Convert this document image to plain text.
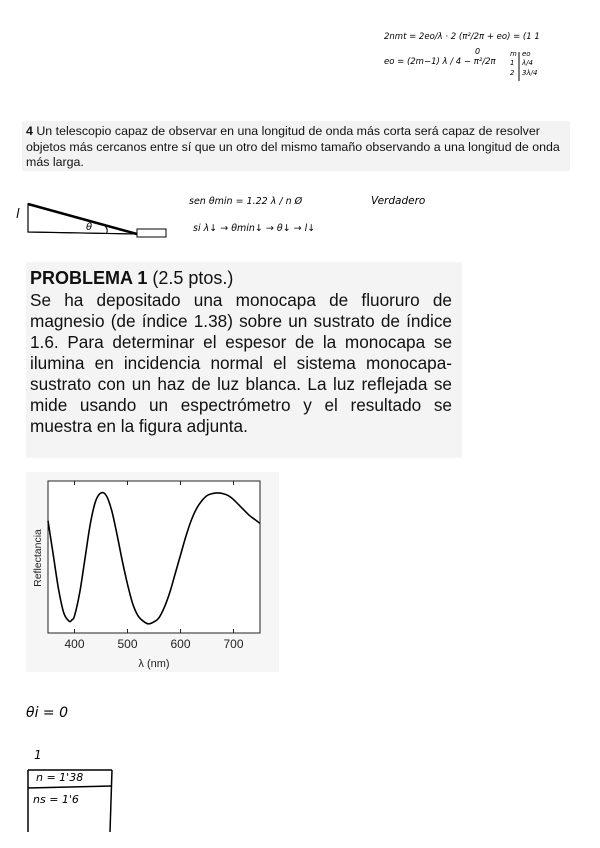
2nmt = 2eo/λ · 2 (π²/2π + eo) = (1 1
eo = (2m−1) λ / 4 − π²/2π
0	m eo
1 λ/4
2 3λ/4
4 Un telescopio capaz de observar en una longitud de onda más corta será capaz de resolver objetos más cercanos entre sí que un otro del mismo tamaño observando a una longitud de onda más larga.
l
θ
sen θmin = 1.22 λ / n Ø
si λ↓ → θmin↓ → θ↓ → l↓
Verdadero
PROBLEMA 1 (2.5 ptos.)
Se ha depositado una monocapa de fluoruro de magnesio (de índice 1.38) sobre un sustrato de índice 1.6. Para determinar el espesor de la monocapa se ilumina en incidencia normal el sistema monocapa-sustrato con un haz de luz blanca. La luz reflejada se mide usando un espectrómetro y el resultado se muestra en la figura adjunta.
400	500	600	700
λ (nm)
Reflectancia
θi = 0
1
n = 1'38
ns = 1'6
